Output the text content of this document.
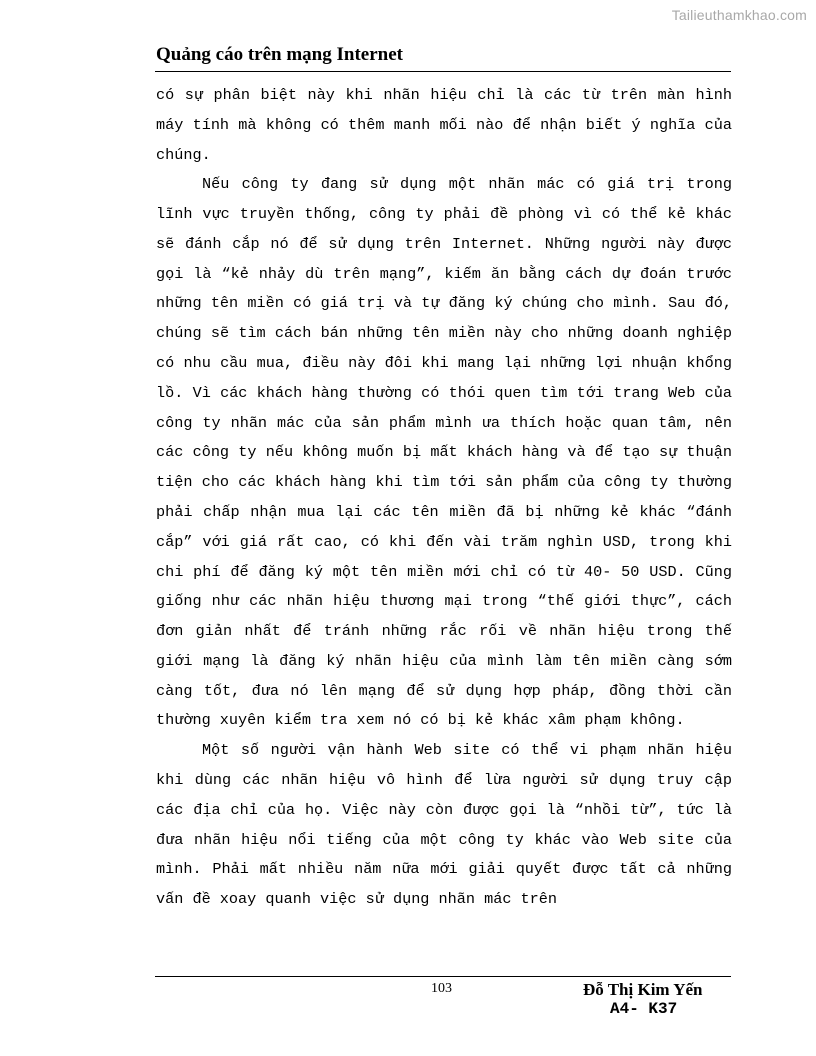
Tailieuthamkhao.com
Quảng cáo trên mạng Internet

có sự phân biệt này khi nhãn hiệu chỉ là các từ trên màn hình máy tính mà không có thêm manh mối nào để nhận biết ý nghĩa của chúng.

Nếu công ty đang sử dụng một nhãn mác có giá trị trong lĩnh vực truyền thống, công ty phải đề phòng vì có thể kẻ khác sẽ đánh cắp nó để sử dụng trên Internet. Những người này được gọi là “kẻ nhảy dù trên mạng”, kiếm ăn bằng cách dự đoán trước những tên miền có giá trị và tự đăng ký chúng cho mình. Sau đó, chúng sẽ tìm cách bán những tên miền này cho những doanh nghiệp có nhu cầu mua, điều này đôi khi mang lại những lợi nhuận khổng lồ. Vì các khách hàng thường có thói quen tìm tới trang Web của công ty nhãn mác của sản phẩm mình ưa thích hoặc quan tâm, nên các công ty nếu không muốn bị mất khách hàng và để tạo sự thuận tiện cho các khách hàng khi tìm tới sản phẩm của công ty thường phải chấp nhận mua lại các tên miền đã bị những kẻ khác “đánh cắp” với giá rất cao, có khi đến vài trăm nghìn USD, trong khi chi phí để đăng ký một tên miền mới chỉ có từ 40- 50 USD. Cũng giống như các nhãn hiệu thương mại trong “thế giới thực”, cách đơn giản nhất để tránh những rắc rối về nhãn hiệu trong thế giới mạng là đăng ký nhãn hiệu của mình làm tên miền càng sớm càng tốt, đưa nó lên mạng để sử dụng hợp pháp, đồng thời cần thường xuyên kiểm tra xem nó có bị kẻ khác xâm phạm không.

Một số người vận hành Web site có thể vi phạm nhãn hiệu khi dùng các nhãn hiệu vô hình để lừa người sử dụng truy cập các địa chỉ của họ. Việc này còn được gọi là “nhồi từ”, tức là đưa nhãn hiệu nổi tiếng của một công ty khác vào Web site của mình. Phải mất nhiều năm nữa mới giải quyết được tất cả những vấn đề xoay quanh việc sử dụng nhãn mác trên

103	Đỗ Thị Kim Yến
A4- K37
